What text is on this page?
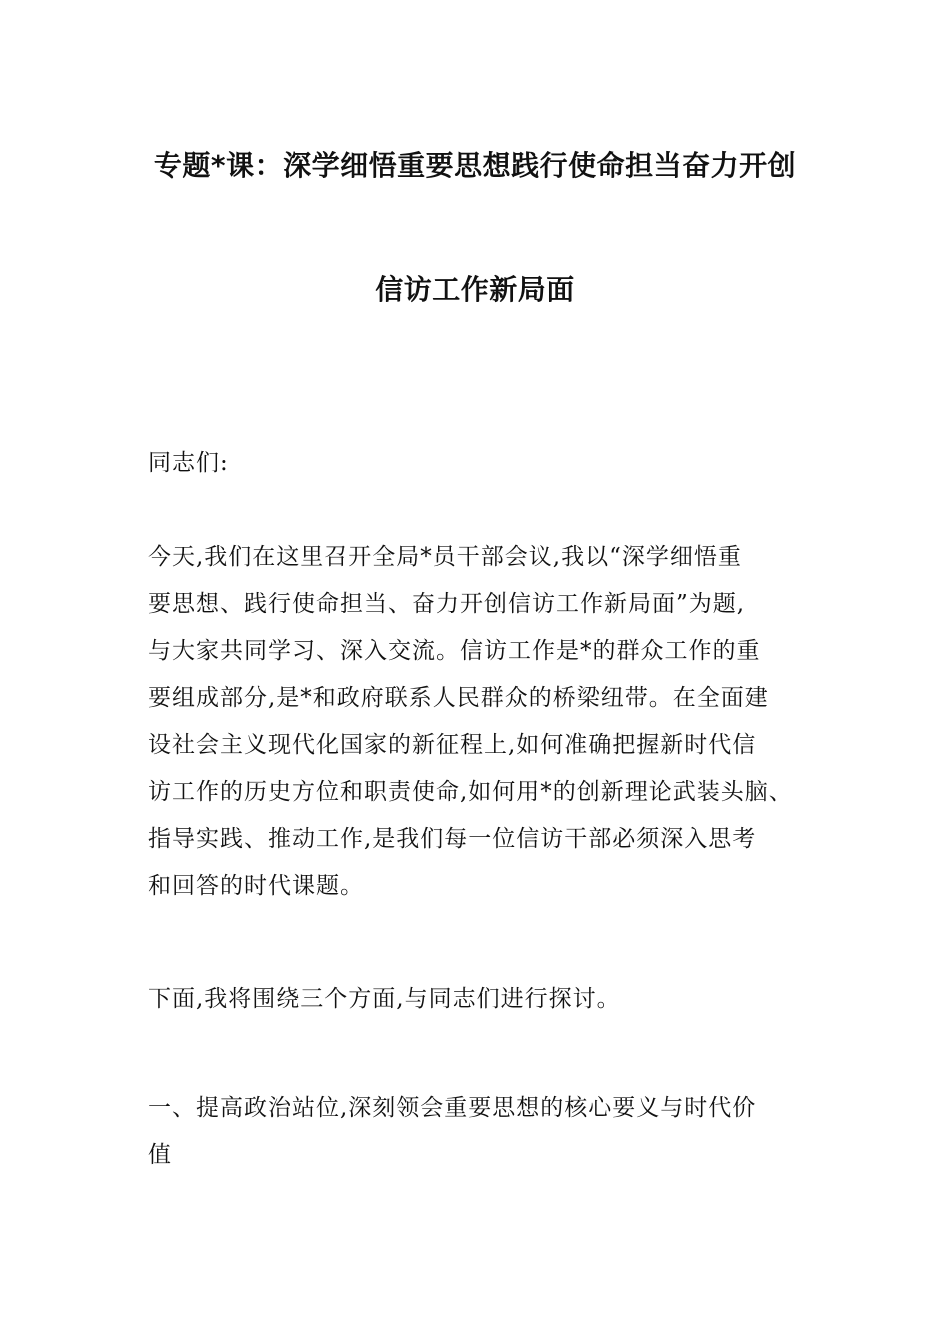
专题*课：深学细悟重要思想践行使命担当奋力开创
信访工作新局面
同志们:
今天,我们在这里召开全局*员干部会议,我以“深学细悟重
要思想、践行使命担当、奋力开创信访工作新局面”为题,
与大家共同学习、深入交流。信访工作是*的群众工作的重
要组成部分,是*和政府联系人民群众的桥梁纽带。在全面建
设社会主义现代化国家的新征程上,如何准确把握新时代信
访工作的历史方位和职责使命,如何用*的创新理论武装头脑、
指导实践、推动工作,是我们每一位信访干部必须深入思考
和回答的时代课题。
下面,我将围绕三个方面,与同志们进行探讨。
一、提高政治站位,深刻领会重要思想的核心要义与时代价
值
